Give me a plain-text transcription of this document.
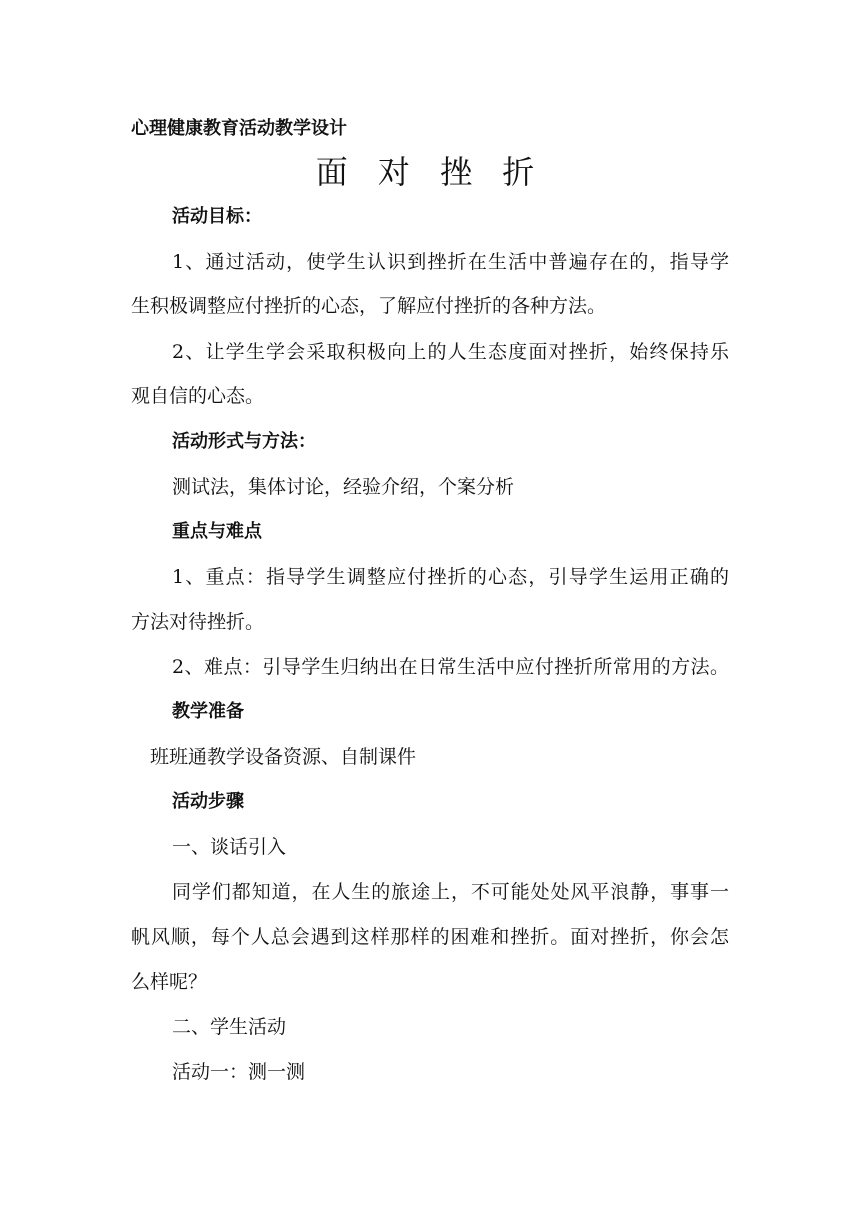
心理健康教育活动教学设计
面 对 挫 折
活动目标：
1、通过活动，使学生认识到挫折在生活中普遍存在的，指导学
生积极调整应付挫折的心态，了解应付挫折的各种方法。
2、让学生学会采取积极向上的人生态度面对挫折，始终保持乐
观自信的心态。
活动形式与方法：
测试法，集体讨论，经验介绍，个案分析
重点与难点
1、重点：指导学生调整应付挫折的心态，引导学生运用正确的
方法对待挫折。
2、难点：引导学生归纳出在日常生活中应付挫折所常用的方法。
教学准备
班班通教学设备资源、自制课件
活动步骤
一、谈话引入
同学们都知道，在人生的旅途上，不可能处处风平浪静，事事一
帆风顺，每个人总会遇到这样那样的困难和挫折。面对挫折，你会怎
么样呢？
二、学生活动
活动一：测一测
